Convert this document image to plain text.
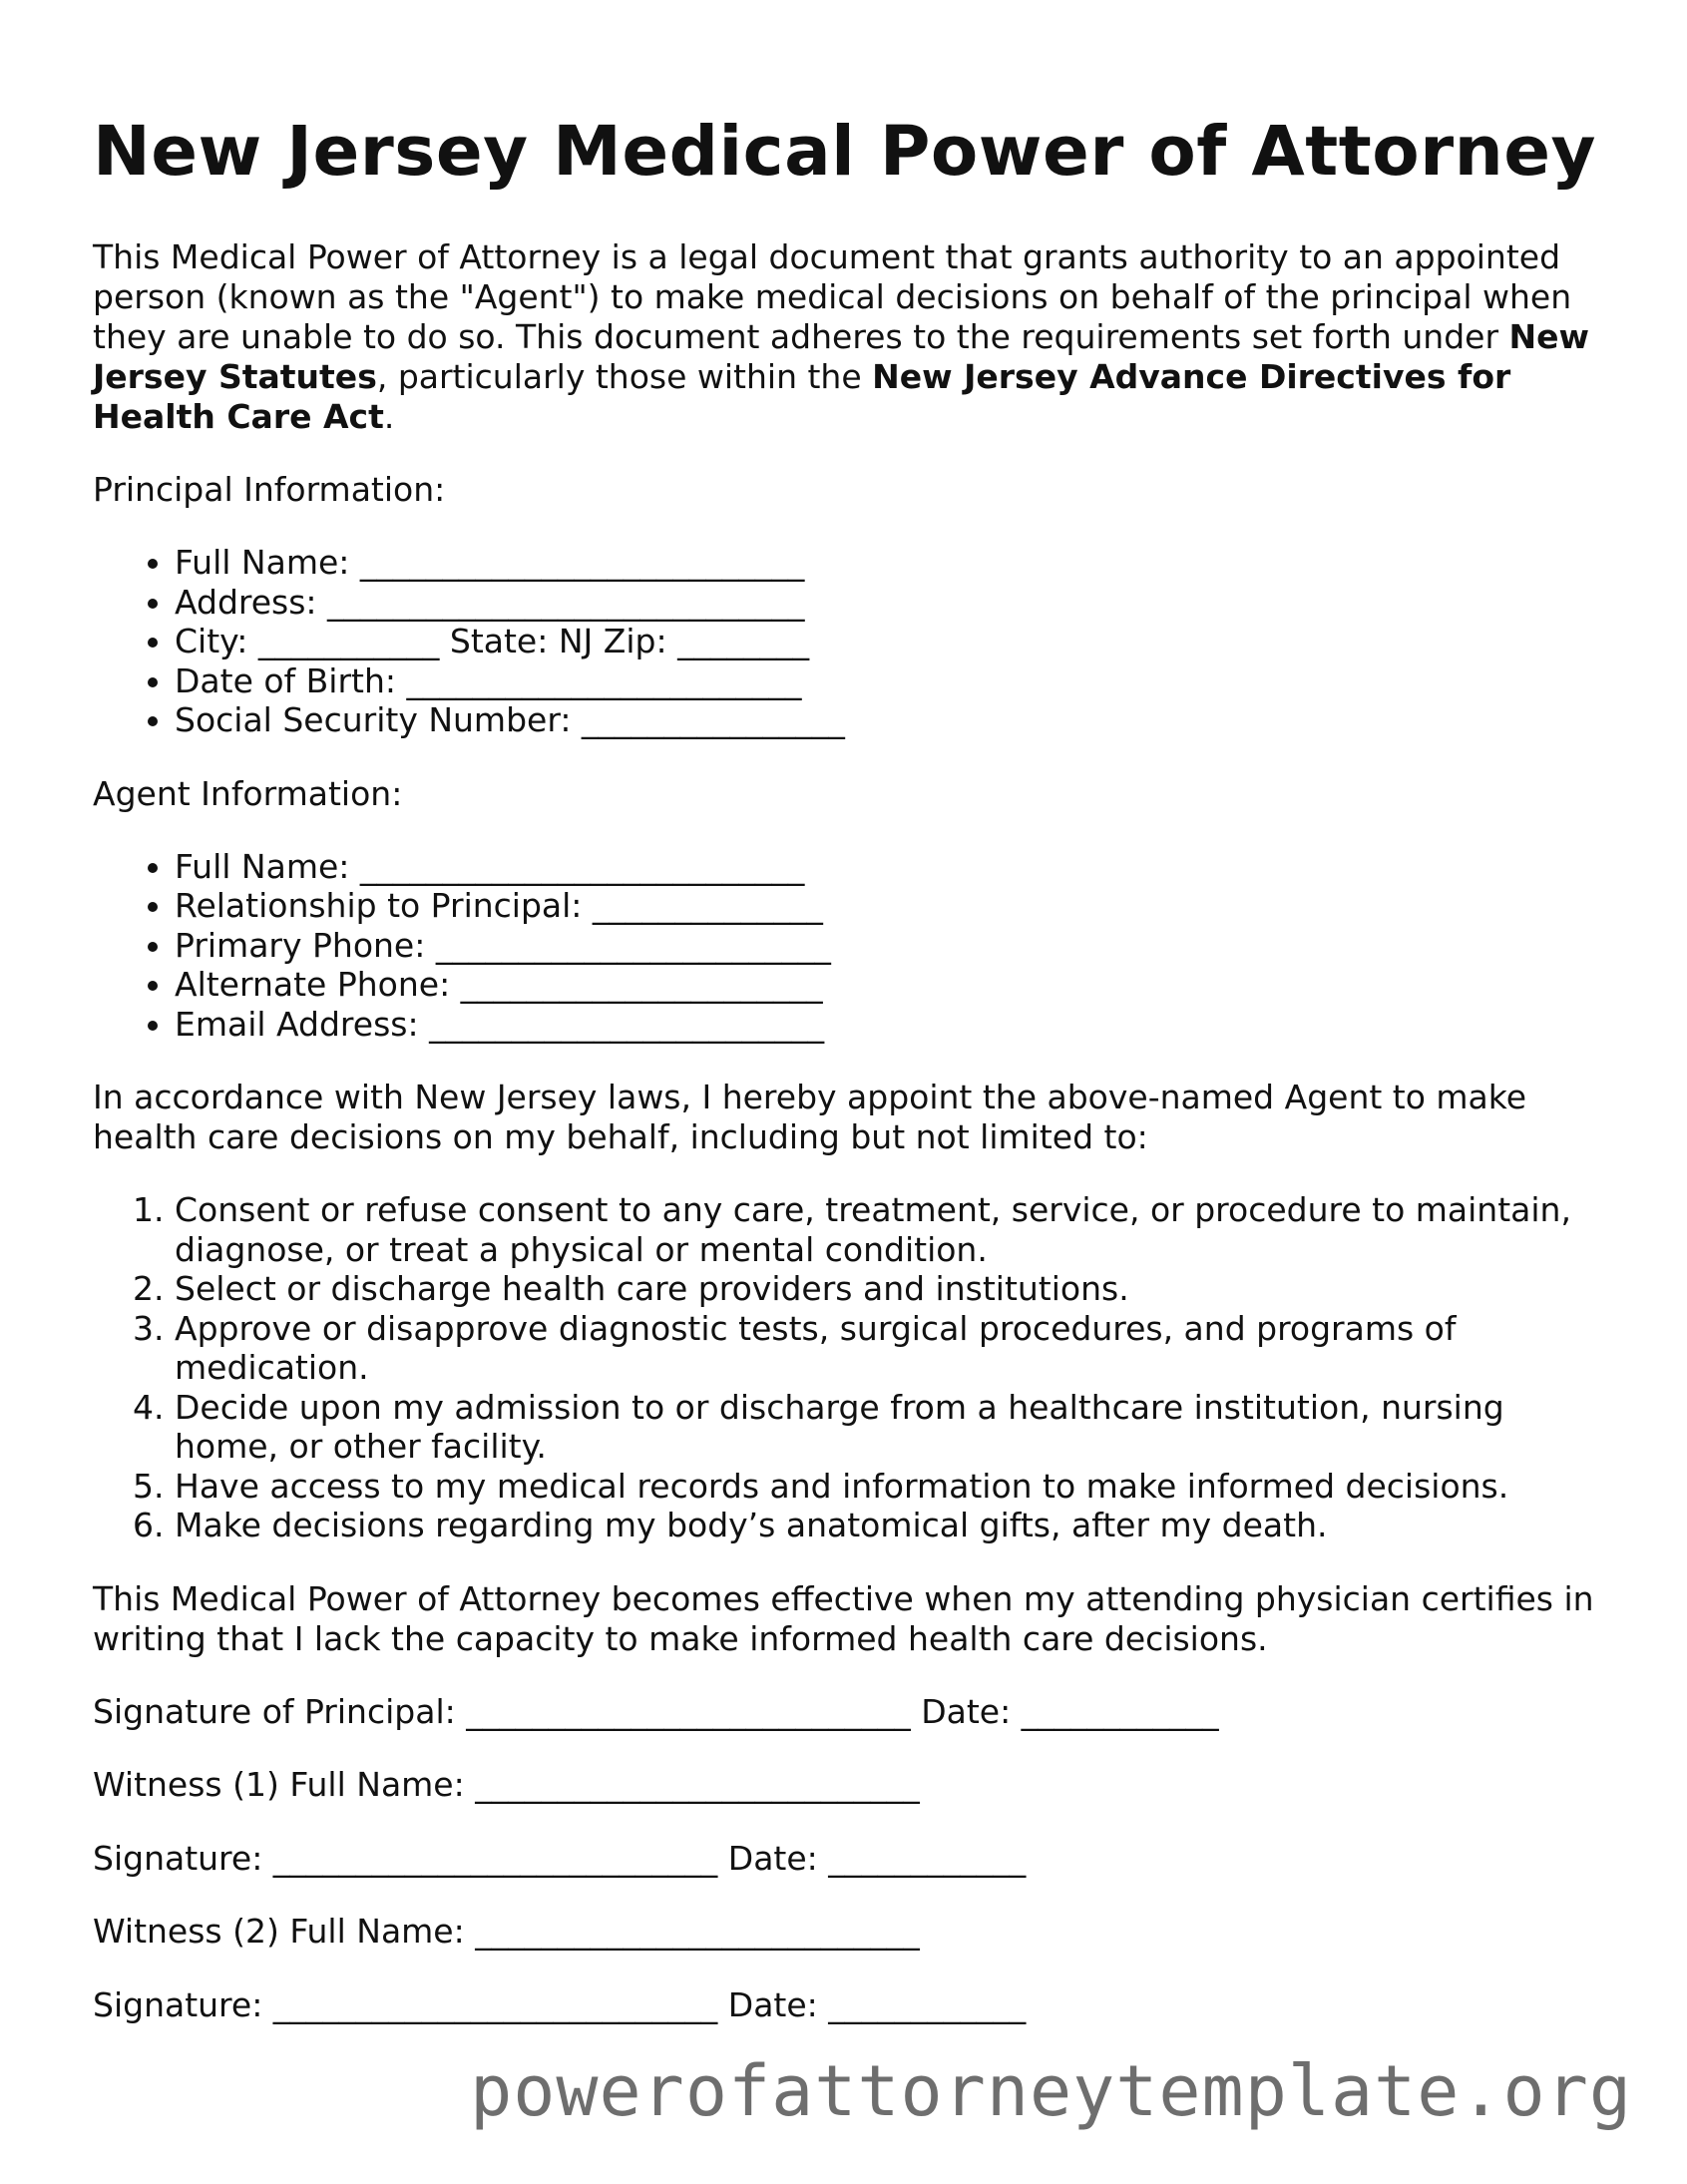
New Jersey Medical Power of Attorney

This Medical Power of Attorney is a legal document that grants authority to an appointed person (known as the "Agent") to make medical decisions on behalf of the principal when they are unable to do so. This document adheres to the requirements set forth under New Jersey Statutes, particularly those within the New Jersey Advance Directives for Health Care Act.

Principal Information:

• Full Name: ___________________________
• Address: _____________________________
• City: ___________ State: NJ Zip: ________
• Date of Birth: ________________________
• Social Security Number: ________________

Agent Information:

• Full Name: ___________________________
• Relationship to Principal: ______________
• Primary Phone: ________________________
• Alternate Phone: ______________________
• Email Address: ________________________

In accordance with New Jersey laws, I hereby appoint the above-named Agent to make health care decisions on my behalf, including but not limited to:

1. Consent or refuse consent to any care, treatment, service, or procedure to maintain, diagnose, or treat a physical or mental condition.
2. Select or discharge health care providers and institutions.
3. Approve or disapprove diagnostic tests, surgical procedures, and programs of medication.
4. Decide upon my admission to or discharge from a healthcare institution, nursing home, or other facility.
5. Have access to my medical records and information to make informed decisions.
6. Make decisions regarding my body’s anatomical gifts, after my death.

This Medical Power of Attorney becomes effective when my attending physician certifies in writing that I lack the capacity to make informed health care decisions.

Signature of Principal: ___________________________ Date: ____________
Witness (1) Full Name: ___________________________
Signature: ___________________________ Date: ____________
Witness (2) Full Name: ___________________________
Signature: ___________________________ Date: ____________
powerofattorneytemplate.org
